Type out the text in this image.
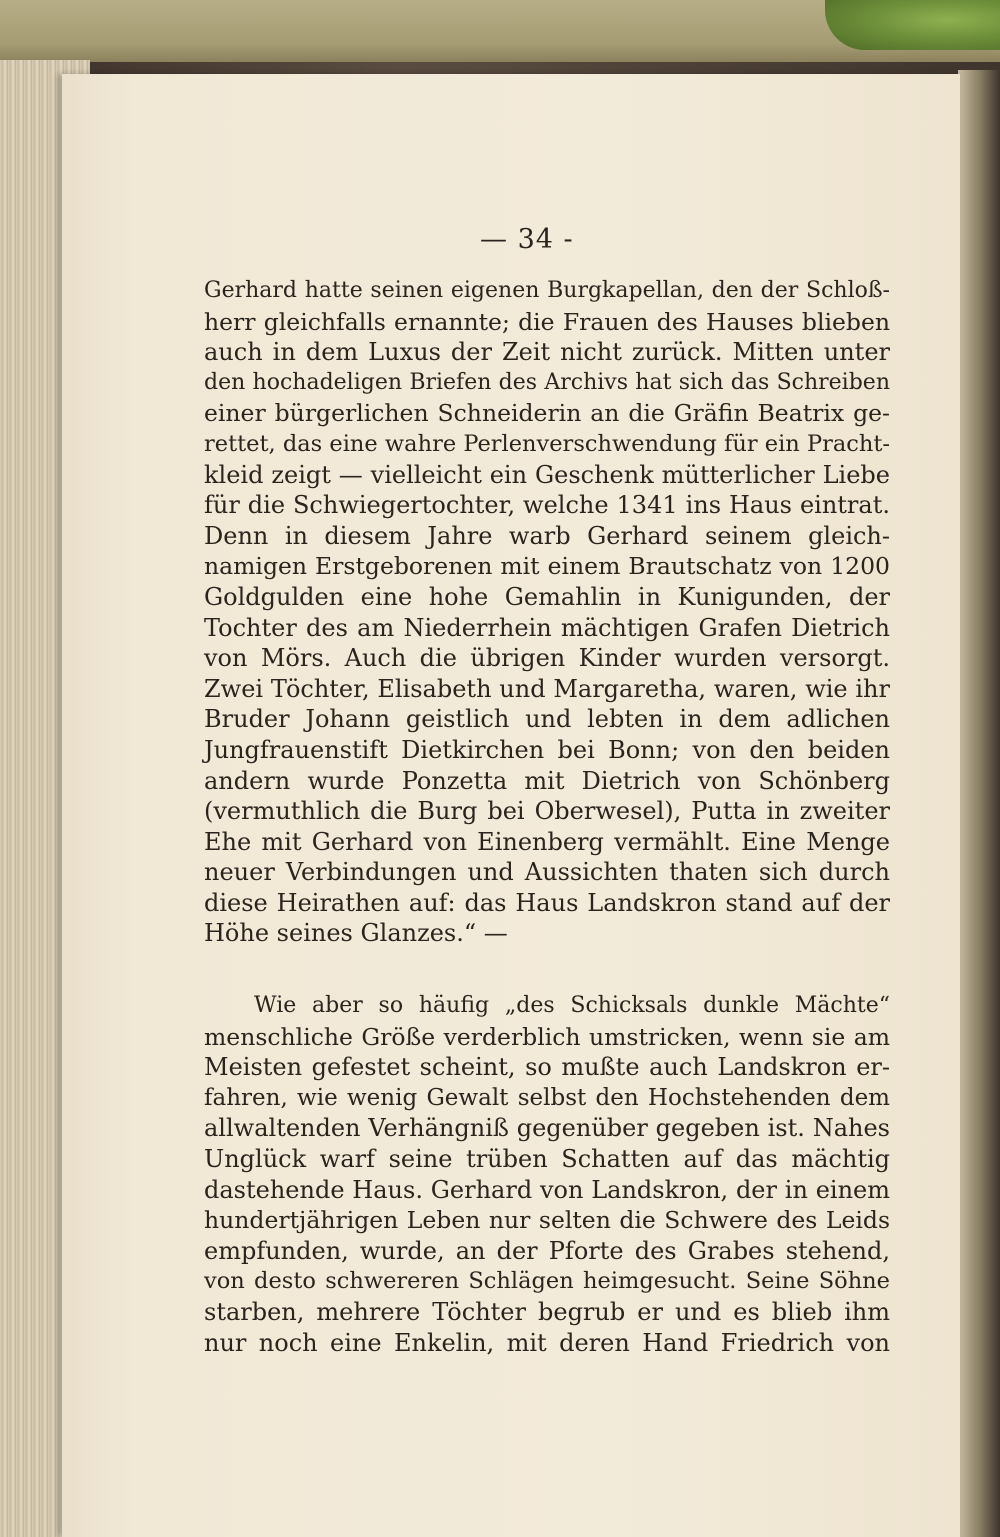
— 34 -
Gerhard hatte seinen eigenen Burgkapellan, den der Schloß-
herr gleichfalls ernannte; die Frauen des Hauses blieben
auch in dem Luxus der Zeit nicht zurück. Mitten unter
den hochadeligen Briefen des Archivs hat sich das Schreiben
einer bürgerlichen Schneiderin an die Gräfin Beatrix ge-
rettet, das eine wahre Perlenverschwendung für ein Pracht-
kleid zeigt — vielleicht ein Geschenk mütterlicher Liebe
für die Schwiegertochter, welche 1341 ins Haus eintrat.
Denn in diesem Jahre warb Gerhard seinem gleich-
namigen Erstgeborenen mit einem Brautschatz von 1200
Goldgulden eine hohe Gemahlin in Kunigunden, der
Tochter des am Niederrhein mächtigen Grafen Dietrich
von Mörs. Auch die übrigen Kinder wurden versorgt.
Zwei Töchter, Elisabeth und Margaretha, waren, wie ihr
Bruder Johann geistlich und lebten in dem adlichen
Jungfrauenstift Dietkirchen bei Bonn; von den beiden
andern wurde Ponzetta mit Dietrich von Schönberg
(vermuthlich die Burg bei Oberwesel), Putta in zweiter
Ehe mit Gerhard von Einenberg vermählt. Eine Menge
neuer Verbindungen und Aussichten thaten sich durch
diese Heirathen auf: das Haus Landskron stand auf der
Höhe seines Glanzes.“ —
Wie aber so häufig „des Schicksals dunkle Mächte“
menschliche Größe verderblich umstricken, wenn sie am
Meisten gefestet scheint, so mußte auch Landskron er-
fahren, wie wenig Gewalt selbst den Hochstehenden dem
allwaltenden Verhängniß gegenüber gegeben ist. Nahes
Unglück warf seine trüben Schatten auf das mächtig
dastehende Haus. Gerhard von Landskron, der in einem
hundertjährigen Leben nur selten die Schwere des Leids
empfunden, wurde, an der Pforte des Grabes stehend,
von desto schwereren Schlägen heimgesucht. Seine Söhne
starben, mehrere Töchter begrub er und es blieb ihm
nur noch eine Enkelin, mit deren Hand Friedrich von
